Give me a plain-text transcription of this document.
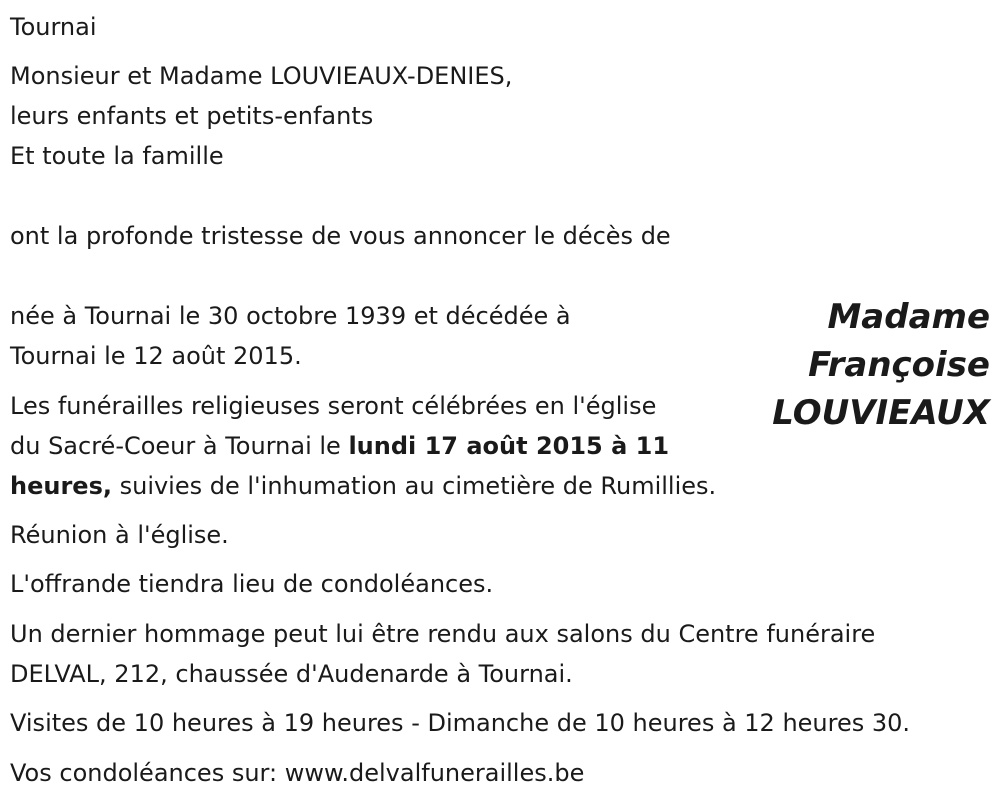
Tournai
Monsieur et Madame LOUVIEAUX-DENIES,
leurs enfants et petits-enfants
Et toute la famille
ont la profonde tristesse de vous annoncer le décès de
Madame
Françoise
LOUVIEAUX
née à Tournai le 30 octobre 1939 et décédée à
Tournai le 12 août 2015.
Les funérailles religieuses seront célébrées en l'église
du Sacré-Coeur à Tournai le lundi 17 août 2015 à 11
heures, suivies de l'inhumation au cimetière de Rumillies.
Réunion à l'église.
L'offrande tiendra lieu de condoléances.
Un dernier hommage peut lui être rendu aux salons du Centre funéraire
DELVAL, 212, chaussée d'Audenarde à Tournai.
Visites de 10 heures à 19 heures - Dimanche de 10 heures à 12 heures 30.
Vos condoléances sur: www.delvalfunerailles.be
